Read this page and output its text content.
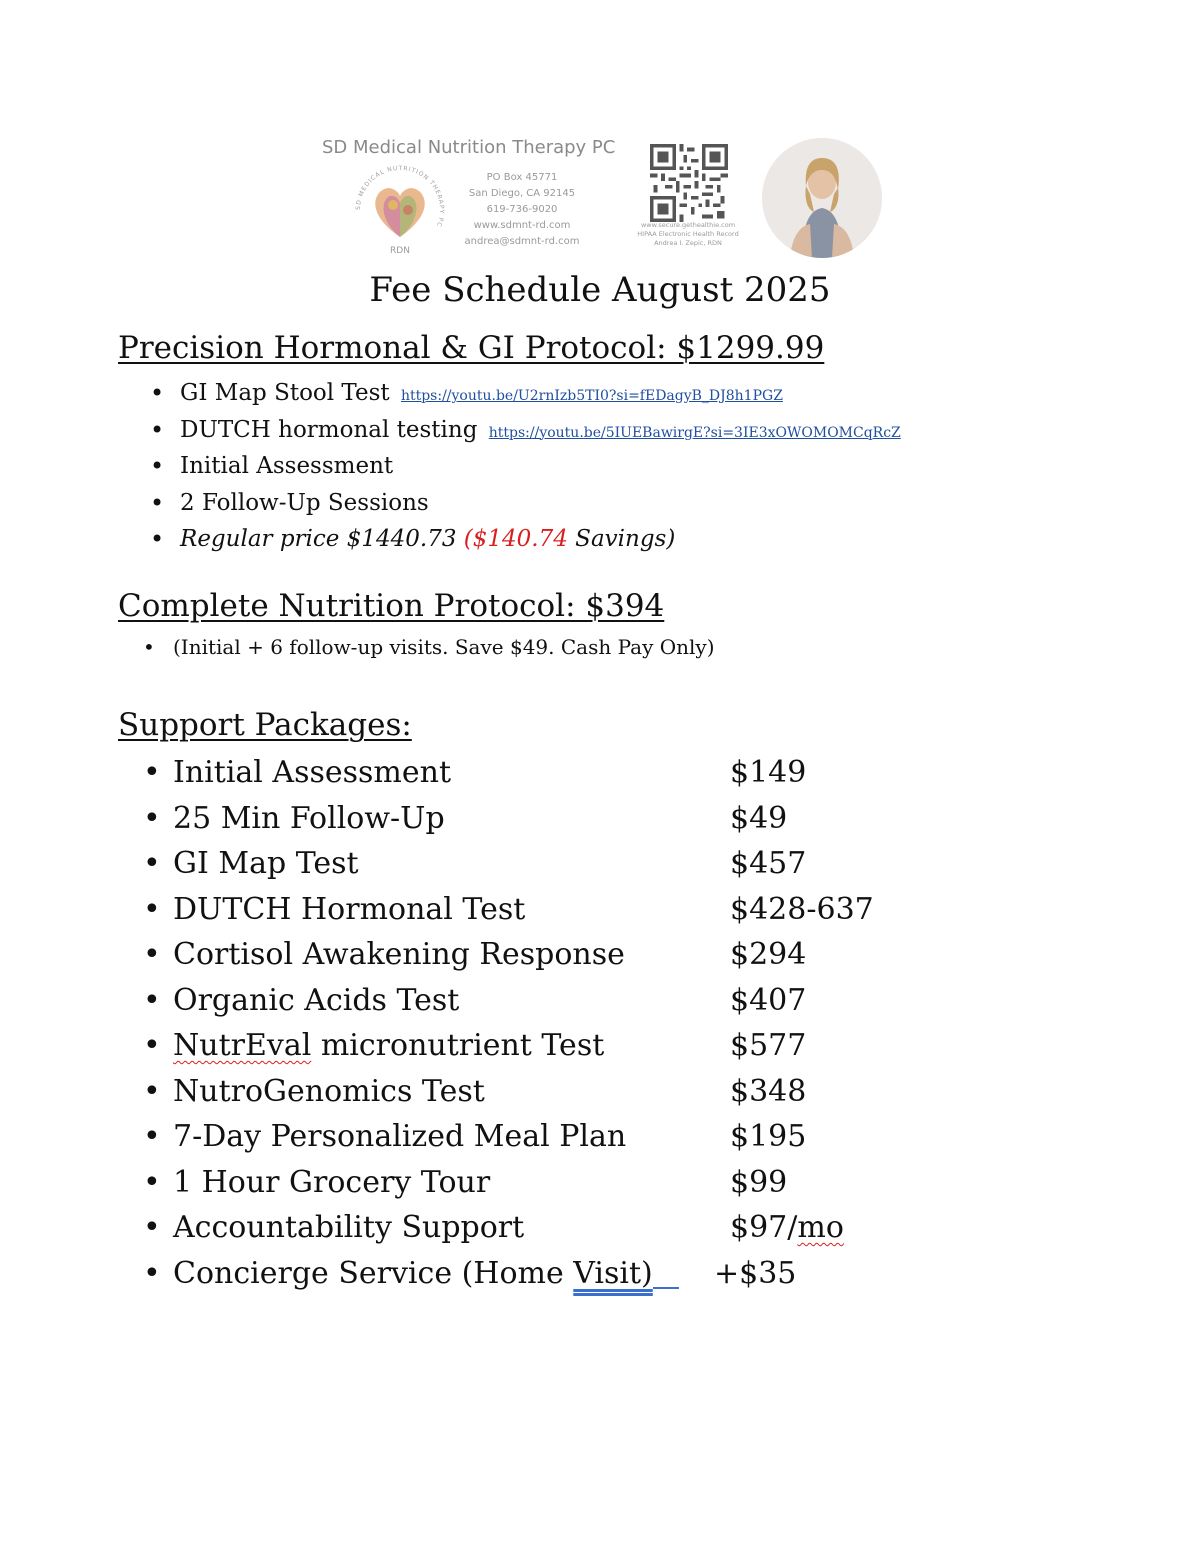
SD Medical Nutrition Therapy PC
SD MEDICAL NUTRITION THERAPY PC
RDN
PO Box 45771
San Diego, CA 92145
619-736-9020
www.sdmnt-rd.com
andrea@sdmnt-rd.com
www.secure.gethealthie.com
HIPAA Electronic Health Record
Andrea I. Zepic, RDN
Fee Schedule August 2025
Precision Hormonal & GI Protocol: $1299.99
• GI Map Stool Test https://youtu.be/U2rnIzb5TI0?si=fEDagyB_DJ8h1PGZ
• DUTCH hormonal testing https://youtu.be/5IUEBawirgE?si=3IE3xOWOMOMCqRcZ
• Initial Assessment
• 2 Follow-Up Sessions
• Regular price $1440.73 ($140.74 Savings)
Complete Nutrition Protocol: $394
• (Initial + 6 follow-up visits. Save $49. Cash Pay Only)
Support Packages:
• Initial Assessment	$149
• 25 Min Follow-Up	$49
• GI Map Test	$457
• DUTCH Hormonal Test	$428-637
• Cortisol Awakening Response	$294
• Organic Acids Test	$407
• NutrEval micronutrient Test	$577
• NutroGenomics Test	$348
• 7-Day Personalized Meal Plan	$195
• 1 Hour Grocery Tour	$99
• Accountability Support	$97/mo
• Concierge Service (Home Visit)	+$35
